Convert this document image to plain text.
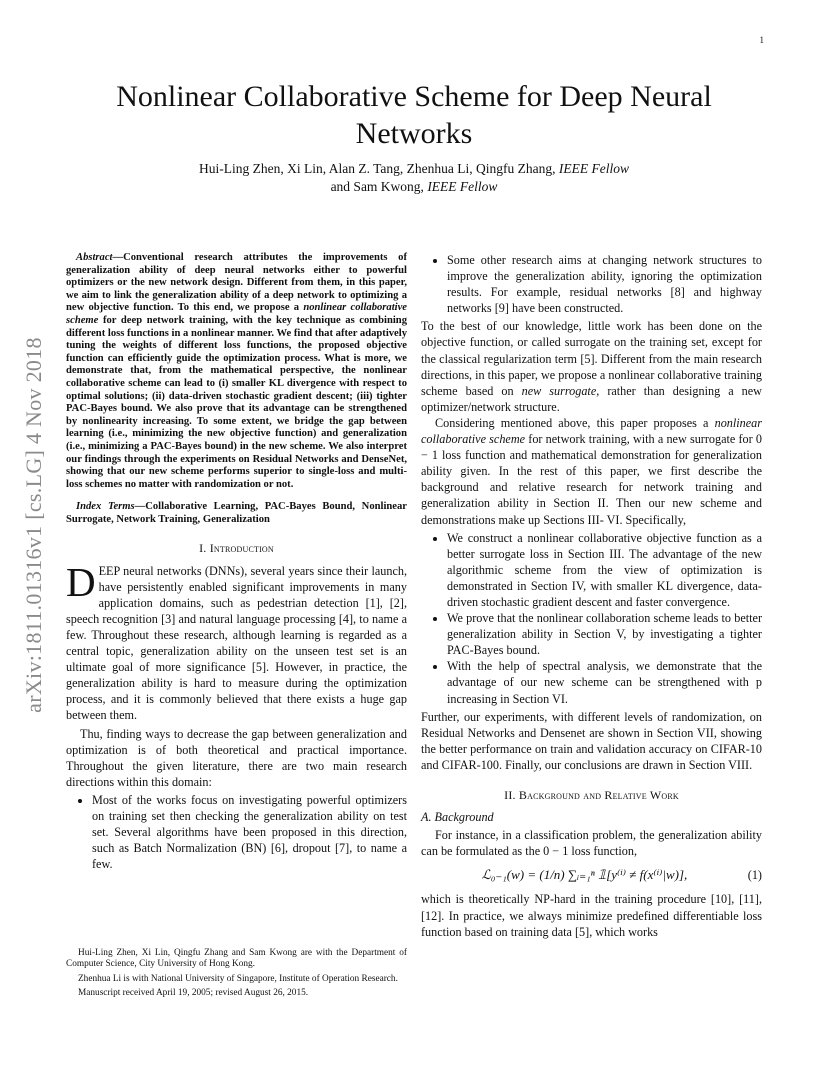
1
arXiv:1811.01316v1 [cs.LG] 4 Nov 2018
Nonlinear Collaborative Scheme for Deep Neural Networks
Hui-Ling Zhen, Xi Lin, Alan Z. Tang, Zhenhua Li, Qingfu Zhang, IEEE Fellow
and Sam Kwong, IEEE Fellow

Abstract—Conventional research attributes the improvements of generalization ability of deep neural networks either to powerful optimizers or the new network design. Different from them, in this paper, we aim to link the generalization ability of a deep network to optimizing a new objective function. To this end, we propose a nonlinear collaborative scheme for deep network training, with the key technique as combining different loss functions in a nonlinear manner. We find that after adaptively tuning the weights of different loss functions, the proposed objective function can efficiently guide the optimization process. What is more, we demonstrate that, from the mathematical perspective, the nonlinear collaborative scheme can lead to (i) smaller KL divergence with respect to optimal solutions; (ii) data-driven stochastic gradient descent; (iii) tighter PAC-Bayes bound. We also prove that its advantage can be strengthened by nonlinearity increasing. To some extent, we bridge the gap between learning (i.e., minimizing the new objective function) and generalization (i.e., minimizing a PAC-Bayes bound) in the new scheme. We also interpret our findings through the experiments on Residual Networks and DenseNet, showing that our new scheme performs superior to single-loss and multi-loss schemes no matter with randomization or not.

Index Terms—Collaborative Learning, PAC-Bayes Bound, Nonlinear Surrogate, Network Training, Generalization

I. Introduction

DEEP neural networks (DNNs), several years since their launch, have persistently enabled significant improvements in many application domains, such as pedestrian detection [1], [2], speech recognition [3] and natural language processing [4], to name a few. Throughout these research, although learning is regarded as a central topic, generalization ability on the unseen test set is an ultimate goal of more significance [5]. However, in practice, the generalization ability is hard to measure during the optimization process, and it is commonly believed that there exists a huge gap between them.

Thu, finding ways to decrease the gap between generalization and optimization is of both theoretical and practical importance. Throughout the given literature, there are two main research directions within this domain:

• Most of the works focus on investigating powerful optimizers on training set then checking the generalization ability on test set. Several algorithms have been proposed in this direction, such as Batch Normalization (BN) [6], dropout [7], to name a few.

Hui-Ling Zhen, Xi Lin, Qingfu Zhang and Sam Kwong are with the Department of Computer Science, City University of Hong Kong.

Zhenhua Li is with National University of Singapore, Institute of Operation Research.

Manuscript received April 19, 2005; revised August 26, 2015.

• Some other research aims at changing network structures to improve the generalization ability, ignoring the optimization results. For example, residual networks [8] and highway networks [9] have been constructed.

To the best of our knowledge, little work has been done on the objective function, or called surrogate on the training set, except for the classical regularization term [5]. Different from the main research directions, in this paper, we propose a nonlinear collaborative training scheme based on new surrogate, rather than designing a new optimizer/network structure.

Considering mentioned above, this paper proposes a nonlinear collaborative scheme for network training, with a new surrogate for 0 − 1 loss function and mathematical demonstration for generalization ability given. In the rest of this paper, we first describe the background and relative research for network training and generalization ability in Section II. Then our new scheme and demonstrations make up Sections III- VI. Specifically,

• We construct a nonlinear collaborative objective function as a better surrogate loss in Section III. The advantage of the new algorithmic scheme from the view of optimization is demonstrated in Section IV, with smaller KL divergence, data-driven stochastic gradient descent and faster convergence.
• We prove that the nonlinear collaboration scheme leads to better generalization ability in Section V, by investigating a tighter PAC-Bayes bound.
• With the help of spectral analysis, we demonstrate that the advantage of our new scheme can be strengthened with p increasing in Section VI.

Further, our experiments, with different levels of randomization, on Residual Networks and Densenet are shown in Section VII, showing the better performance on train and validation accuracy on CIFAR-10 and CIFAR-100. Finally, our conclusions are drawn in Section VIII.

II. Background and Relative Work
A. Background

For instance, in a classification problem, the generalization ability can be formulated as the 0 − 1 loss function,

ℒ₀₋₁(w) = (1/n) ∑ᵢ₌₁ⁿ 𝟙[y⁽ⁱ⁾ ≠ f(x⁽ⁱ⁾|w)],	(1)

which is theoretically NP-hard in the training procedure [10], [11], [12]. In practice, we always minimize predefined differentiable loss function based on training data [5], which works
